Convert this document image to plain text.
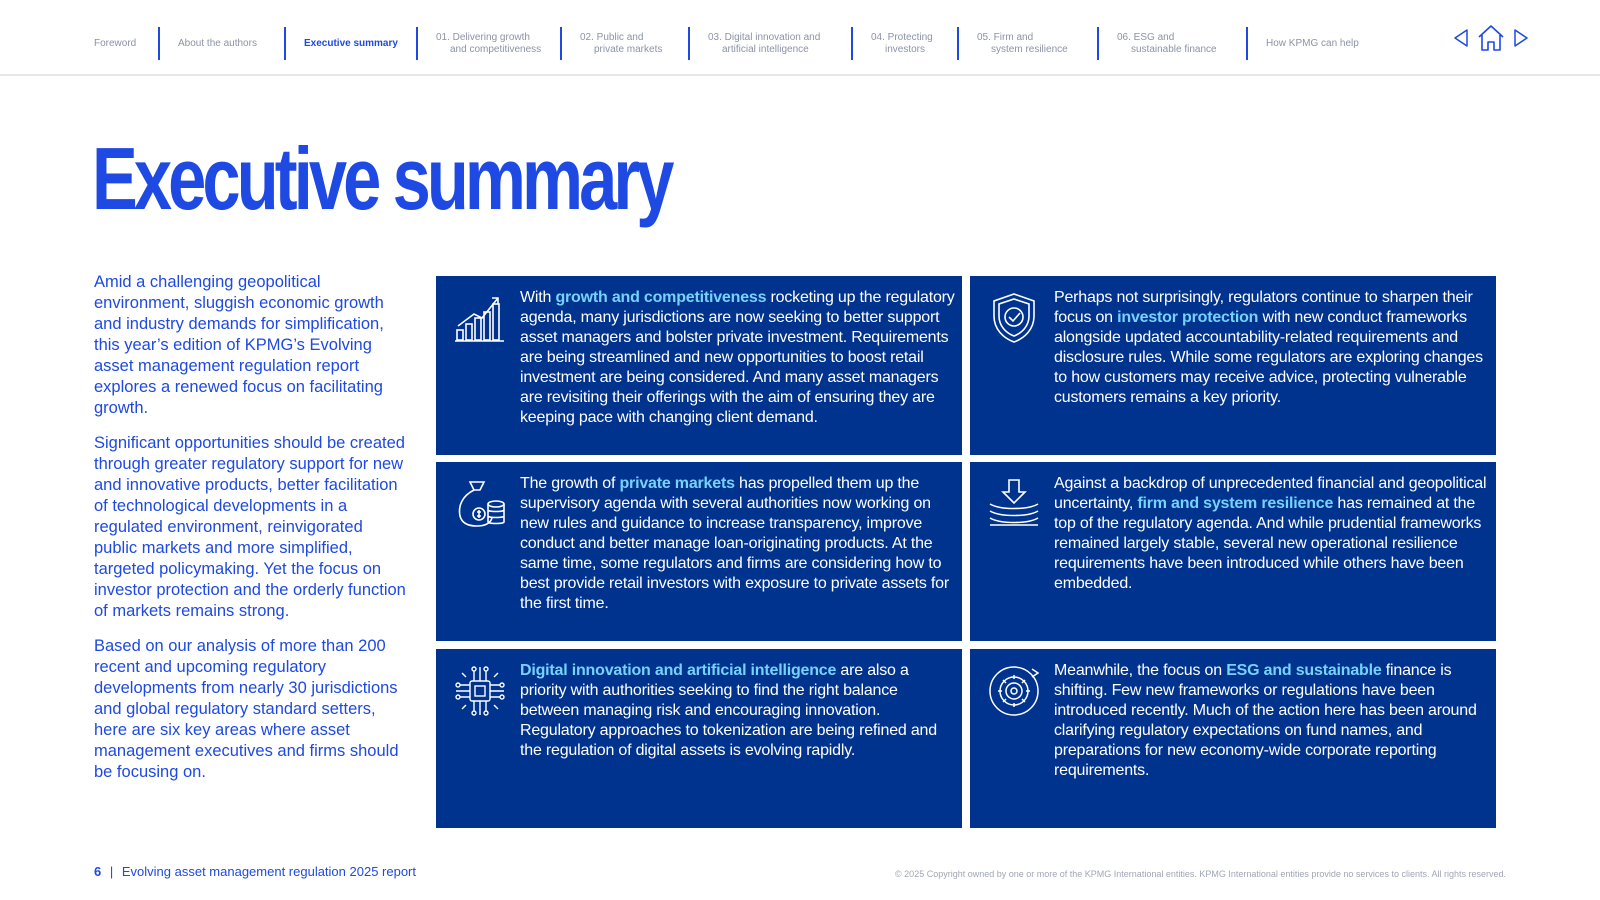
Foreword	About the authors	Executive summary
01. Delivering growth
and competitiveness
02. Public and
private markets
03. Digital innovation and
artificial intelligence
04. Protecting
investors
05. Firm and
system resilience
06. ESG and
sustainable finance
How KPMG can help
Executive summary

Amid a challenging geopolitical environment, sluggish economic growth and industry demands for simplification, this year’s edition of KPMG’s Evolving asset management regulation report explores a renewed focus on facilitating growth.

Significant opportunities should be created through greater regulatory support for new and innovative products, better facilitation of technological developments in a regulated environment, reinvigorated public markets and more simplified, targeted policymaking. Yet the focus on investor protection and the orderly function of markets remains strong.

Based on our analysis of more than 200 recent and upcoming regulatory developments from nearly 30 jurisdictions and global regulatory standard setters, here are six key areas where asset management executives and firms should be focusing on.

With growth and competitiveness rocketing up the regulatory agenda, many jurisdictions are now seeking to better support asset managers and bolster private investment. Requirements are being streamlined and new opportunities to boost retail investment are being considered. And many asset managers are revisiting their offerings with the aim of ensuring they are keeping pace with changing client demand.
Perhaps not surprisingly, regulators continue to sharpen their focus on investor protection with new conduct frameworks alongside updated accountability-related requirements and disclosure rules. While some regulators are exploring changes to how customers may receive advice, protecting vulnerable customers remains a key priority.
The growth of private markets has propelled them up the supervisory agenda with several authorities now working on new rules and guidance to increase transparency, improve conduct and better manage loan-originating products. At the same time, some regulators and firms are considering how to best provide retail investors with exposure to private assets for the first time.
Against a backdrop of unprecedented financial and geopolitical uncertainty, firm and system resilience has remained at the top of the regulatory agenda. And while prudential frameworks remained largely stable, several new operational resilience requirements have been introduced while others have been embedded.
Digital innovation and artificial intelligence are also a priority with authorities seeking to find the right balance between managing risk and encouraging innovation. Regulatory approaches to tokenization are being refined and the regulation of digital assets is evolving rapidly.
Meanwhile, the focus on ESG and sustainable finance is shifting. Few new frameworks or regulations have been introduced recently. Much of the action here has been around clarifying regulatory expectations on fund names, and preparations for new economy-wide corporate reporting requirements.
6 | Evolving asset management regulation 2025 report	© 2025 Copyright owned by one or more of the KPMG International entities. KPMG International entities provide no services to clients. All rights reserved.
